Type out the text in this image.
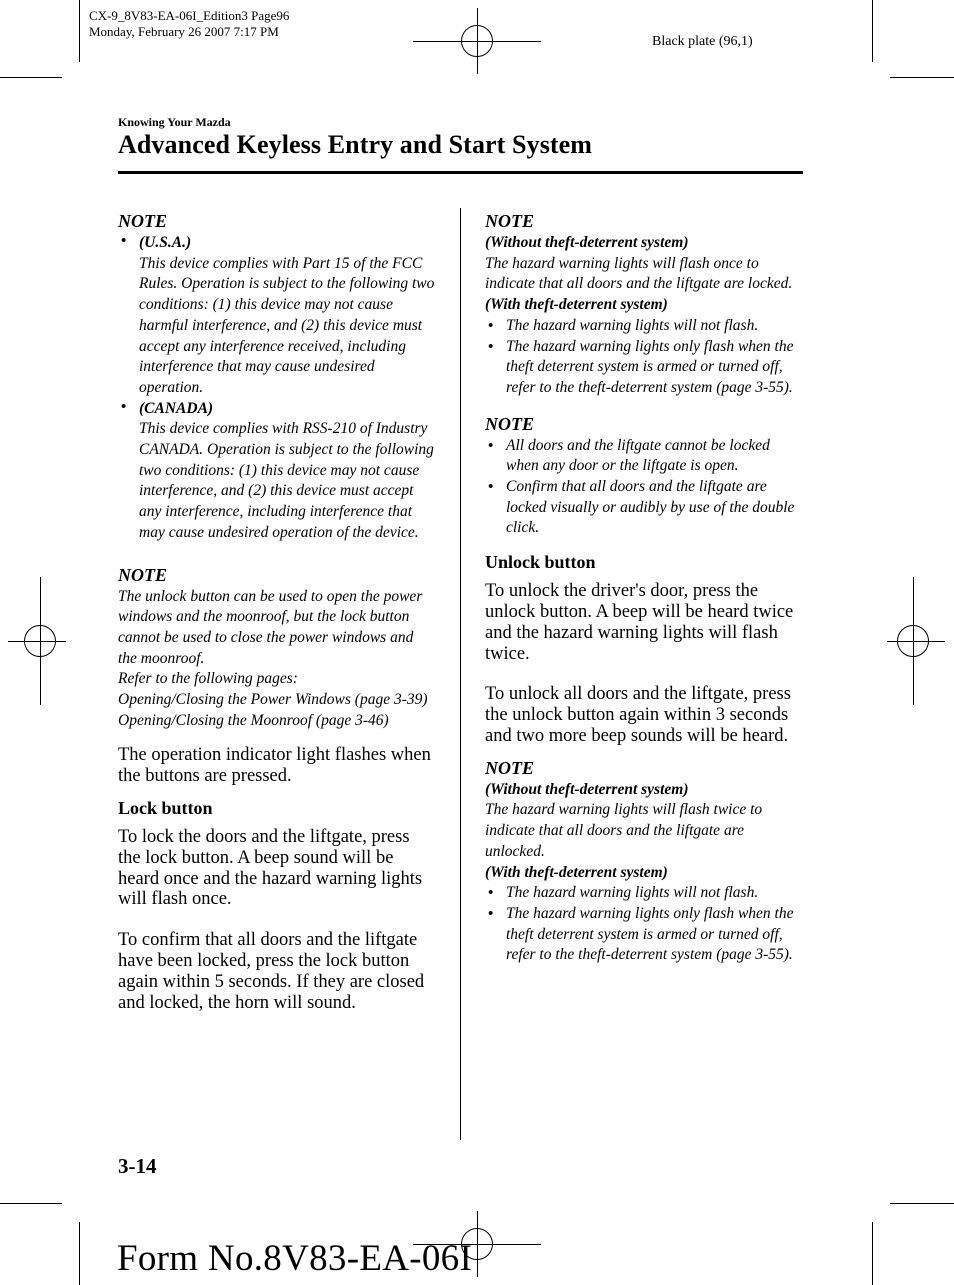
CX-9_8V83-EA-06I_Edition3 Page96
Monday, February 26 2007 7:17 PM
Black plate (96,1)
Knowing Your Mazda
Advanced Keyless Entry and Start System
NOTE
• (U.S.A.)
This device complies with Part 15 of the FCC Rules. Operation is subject to the following two conditions: (1) this device may not cause harmful interference, and (2) this device must accept any interference received, including interference that may cause undesired operation.
• (CANADA)
This device complies with RSS-210 of Industry CANADA. Operation is subject to the following two conditions: (1) this device may not cause interference, and (2) this device must accept any interference, including interference that may cause undesired operation of the device.
NOTE
The unlock button can be used to open the power windows and the moonroof, but the lock button cannot be used to close the power windows and the moonroof.
Refer to the following pages:
Opening/Closing the Power Windows (page 3-39)
Opening/Closing the Moonroof (page 3-46)
The operation indicator light flashes when the buttons are pressed.
Lock button
To lock the doors and the liftgate, press the lock button. A beep sound will be heard once and the hazard warning lights will flash once.
To confirm that all doors and the liftgate have been locked, press the lock button again within 5 seconds. If they are closed and locked, the horn will sound.
NOTE
(Without theft-deterrent system)
The hazard warning lights will flash once to indicate that all doors and the liftgate are locked.
(With theft-deterrent system)
• The hazard warning lights will not flash.
• The hazard warning lights only flash when the theft deterrent system is armed or turned off, refer to the theft-deterrent system (page 3-55).
NOTE
• All doors and the liftgate cannot be locked when any door or the liftgate is open.
• Confirm that all doors and the liftgate are locked visually or audibly by use of the double click.
Unlock button
To unlock the driver's door, press the unlock button. A beep will be heard twice and the hazard warning lights will flash twice.
To unlock all doors and the liftgate, press the unlock button again within 3 seconds and two more beep sounds will be heard.
NOTE
(Without theft-deterrent system)
The hazard warning lights will flash twice to indicate that all doors and the liftgate are unlocked.
(With theft-deterrent system)
• The hazard warning lights will not flash.
• The hazard warning lights only flash when the theft deterrent system is armed or turned off, refer to the theft-deterrent system (page 3-55).
3-14
Form No.8V83-EA-06I
